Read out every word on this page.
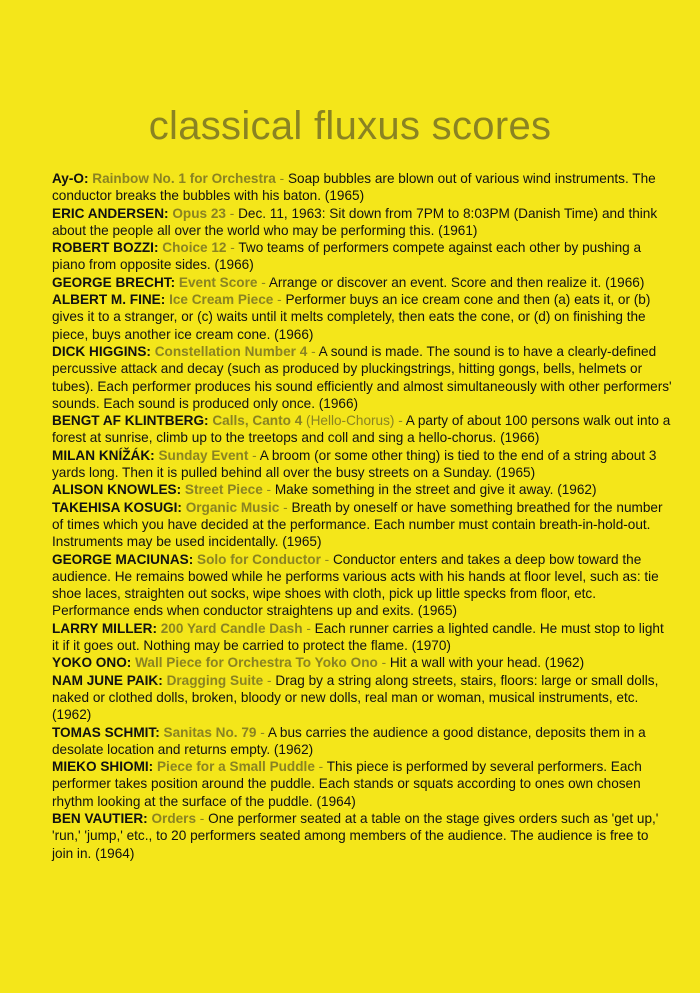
classical fluxus scores
Ay-O: Rainbow No. 1 for Orchestra - Soap bubbles are blown out of various wind instruments. The conductor breaks the bubbles with his baton. (1965)
ERIC ANDERSEN: Opus 23 - Dec. 11, 1963: Sit down from 7PM to 8:03PM (Danish Time) and think about the people all over the world who may be performing this. (1961)
ROBERT BOZZI: Choice 12 - Two teams of performers compete against each other by pushing a piano from opposite sides. (1966)
GEORGE BRECHT: Event Score - Arrange or discover an event. Score and then realize it. (1966)
ALBERT M. FINE: Ice Cream Piece - Performer buys an ice cream cone and then (a) eats it, or (b) gives it to a stranger, or (c) waits until it melts completely, then eats the cone, or (d) on finishing the piece, buys another ice cream cone. (1966)
DICK HIGGINS: Constellation Number 4 - A sound is made. The sound is to have a clearly-defined percussive attack and decay (such as produced by pluckingstrings, hitting gongs, bells, helmets or tubes). Each performer produces his sound efficiently and almost simultaneously with other performers' sounds. Each sound is produced only once. (1966)
BENGT AF KLINTBERG: Calls, Canto 4 (Hello-Chorus) - A party of about 100 persons walk out into a forest at sunrise, climb up to the treetops and coll and sing a hello-chorus. (1966)
MILAN KNÍŽÁK: Sunday Event - A broom (or some other thing) is tied to the end of a string about 3 yards long. Then it is pulled behind all over the busy streets on a Sunday. (1965)
ALISON KNOWLES: Street Piece - Make something in the street and give it away. (1962)
TAKEHISA KOSUGI: Organic Music - Breath by oneself or have something breathed for the number of times which you have decided at the performance. Each number must contain breath-in-hold-out. Instruments may be used incidentally. (1965)
GEORGE MACIUNAS: Solo for Conductor - Conductor enters and takes a deep bow toward the audience. He remains bowed while he performs various acts with his hands at floor level, such as: tie shoe laces, straighten out socks, wipe shoes with cloth, pick up little specks from floor, etc. Performance ends when conductor straightens up and exits. (1965)
LARRY MILLER: 200 Yard Candle Dash - Each runner carries a lighted candle. He must stop to light it if it goes out. Nothing may be carried to protect the flame. (1970)
YOKO ONO: Wall Piece for Orchestra To Yoko Ono - Hit a wall with your head. (1962)
NAM JUNE PAIK: Dragging Suite - Drag by a string along streets, stairs, floors: large or small dolls, naked or clothed dolls, broken, bloody or new dolls, real man or woman, musical instruments, etc. (1962)
TOMAS SCHMIT: Sanitas No. 79 - A bus carries the audience a good distance, deposits them in a desolate location and returns empty. (1962)
MIEKO SHIOMI: Piece for a Small Puddle - This piece is performed by several performers. Each performer takes position around the puddle. Each stands or squats according to ones own chosen rhythm looking at the surface of the puddle. (1964)
BEN VAUTIER: Orders - One performer seated at a table on the stage gives orders such as 'get up,' 'run,' 'jump,' etc., to 20 performers seated among members of the audience. The audience is free to join in. (1964)
